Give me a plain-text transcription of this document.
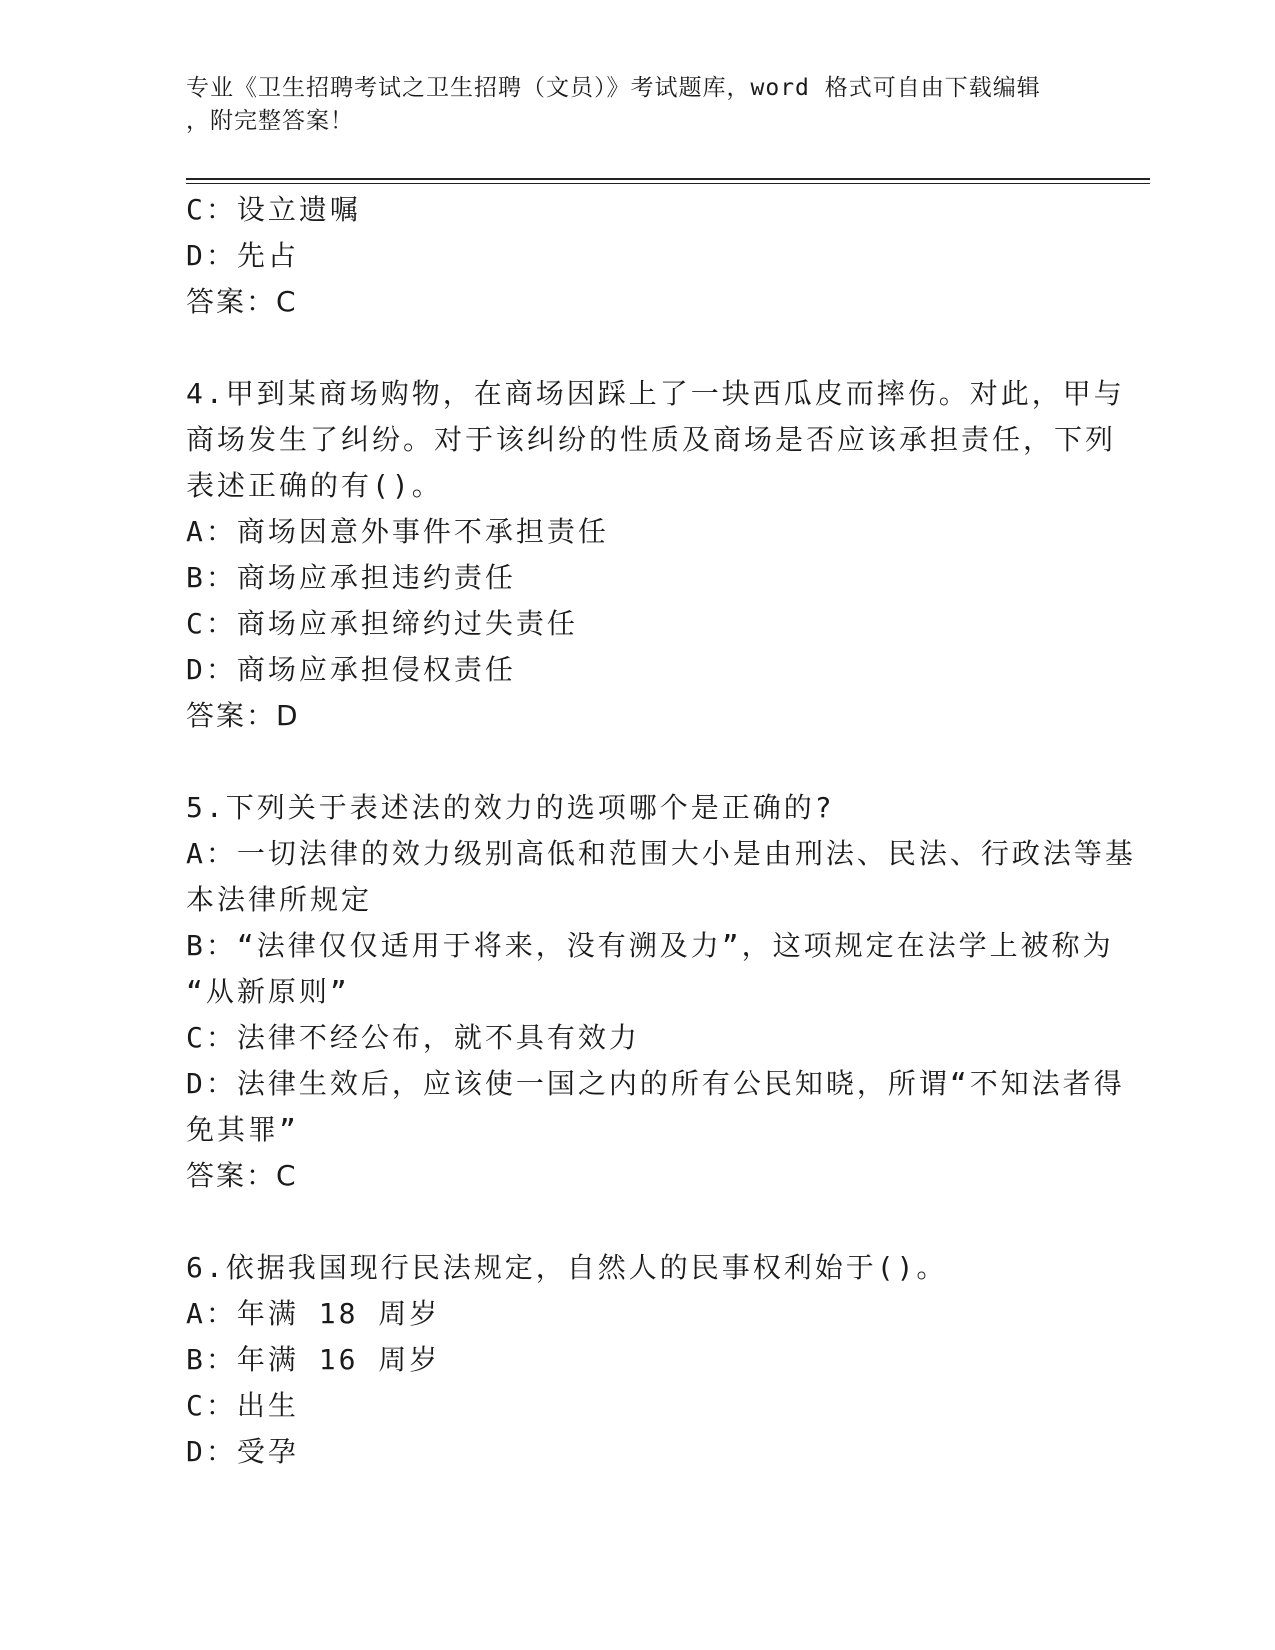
专业《卫生招聘考试之卫生招聘（文员）》考试题库，word 格式可自由下载编辑
，附完整答案！
C：设立遗嘱
D：先占
答案：C
4.甲到某商场购物，在商场因踩上了一块西瓜皮而摔伤。对此，甲与
商场发生了纠纷。对于该纠纷的性质及商场是否应该承担责任，下列
表述正确的有()。
A：商场因意外事件不承担责任
B：商场应承担违约责任
C：商场应承担缔约过失责任
D：商场应承担侵权责任
答案：D
5.下列关于表述法的效力的选项哪个是正确的?
A：一切法律的效力级别高低和范围大小是由刑法、民法、行政法等基
本法律所规定
B：“法律仅仅适用于将来，没有溯及力”，这项规定在法学上被称为
“从新原则”
C：法律不经公布，就不具有效力
D：法律生效后，应该使一国之内的所有公民知晓，所谓“不知法者得
免其罪”
答案：C
6.依据我国现行民法规定，自然人的民事权利始于()。
A：年满 18 周岁
B：年满 16 周岁
C：出生
D：受孕
